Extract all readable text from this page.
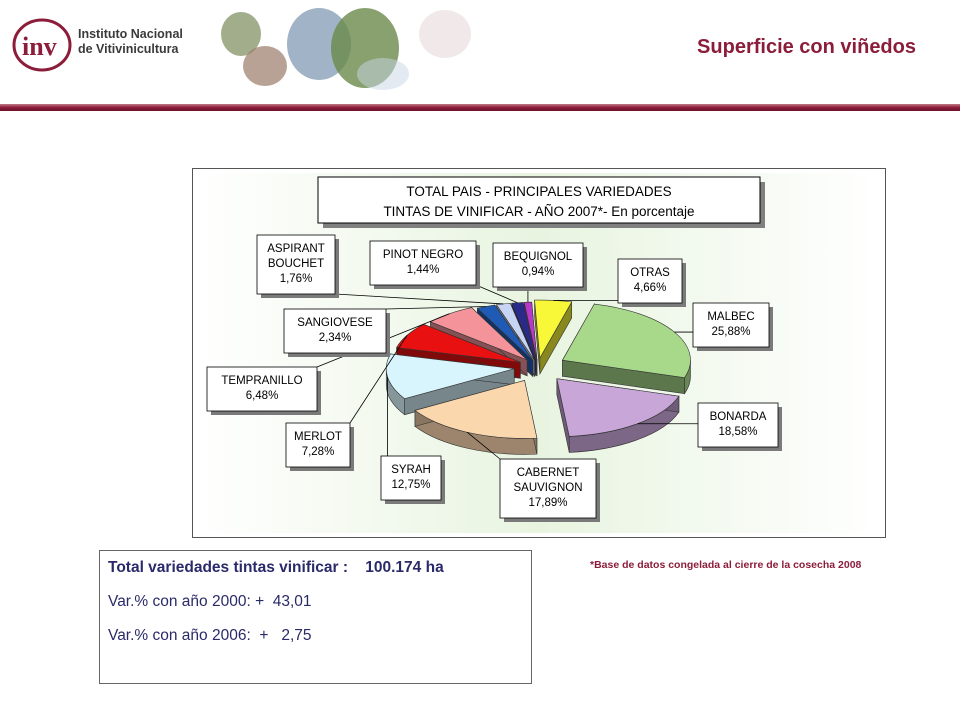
inv Instituto Nacional
de Vitivinicultura	Superficie con viñedos
TOTAL PAIS - PRINCIPALES VARIEDADES
TINTAS DE VINIFICAR - AÑO 2007*- En porcentaje
MALBEC
25,88%
BONARDA
18,58%
CABERNET
SAUVIGNON
17,89%
SYRAH
12,75%
MERLOT
7,28%
TEMPRANILLO
6,48%
SANGIOVESE
2,34%
ASPIRANT
BOUCHET
1,76%
PINOT NEGRO
1,44%
BEQUIGNOL
0,94%	OTRAS
4,66%
Total variedades tintas vinificar :    100.174 ha
Var.% con año 2000: +  43,01
Var.% con año 2006:  +   2,75
*Base de datos congelada al cierre de la cosecha 2008
